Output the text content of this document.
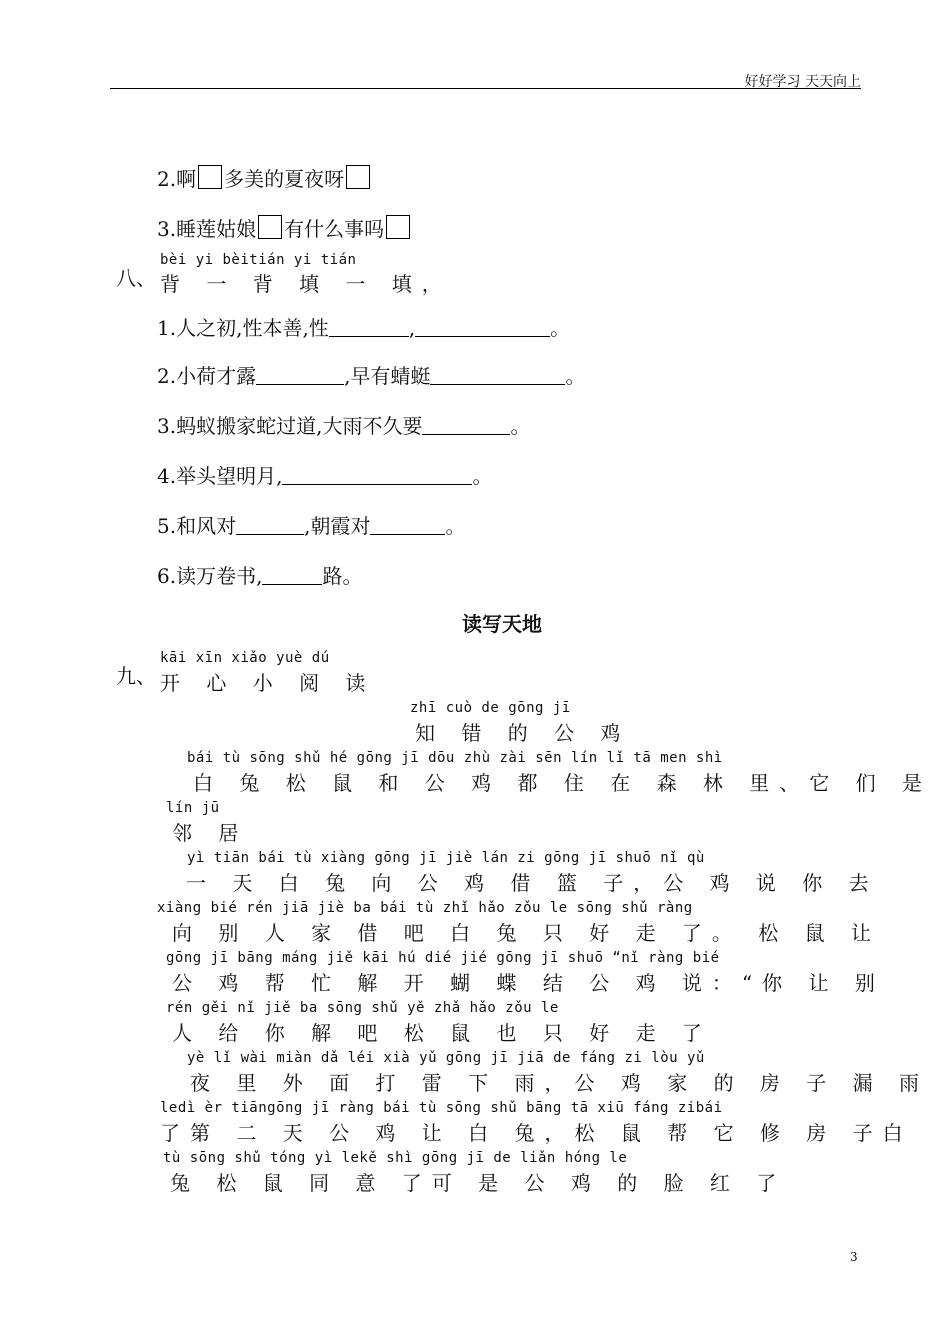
好好学习 天天向上
2.啊 多美的夏夜呀
3.睡莲姑娘 有什么事吗
八、
bèi yi bèitián yi tián
背 一 背 填 一 填，
1.人之初,性本善,性	,	。
2.小荷才露	,早有蜻蜓	。
3.蚂蚁搬家蛇过道,大雨不久要	。
4.举头望明月,	。
5.和风对	,朝霞对	。
6.读万卷书,	路。
读写天地
九、
kāi xīn xiǎo yuè dú
开 心 小 阅 读
zhī cuò de gōng jī
知 错 的 公 鸡
bái tù sōng shǔ hé gōng jī dōu zhù zài sēn lín lǐ tā men shì
白 兔 松 鼠 和 公 鸡 都 住 在 森 林 里、它 们 是
lín jū
邻 居
yì tiān bái tù xiàng gōng jī jiè lán zi gōng jī shuō nǐ qù
一 天 白 兔 向 公 鸡 借 篮 子，公 鸡 说 你 去
xiàng bié rén jiā jiè ba bái tù zhǐ hǎo zǒu le sōng shǔ ràng
向 别 人 家 借 吧 白 兔 只 好 走 了。 松 鼠 让
gōng jī bāng máng jiě kāi hú dié jié gōng jī shuō “nǐ ràng bié
公 鸡 帮 忙 解 开 蝴 蝶 结 公 鸡 说：“你 让 别
rén gěi nǐ jiě ba sōng shǔ yě zhǎ hǎo zǒu le
人 给 你 解 吧 松 鼠 也 只 好 走 了
yè lǐ wài miàn dǎ léi xià yǔ gōng jī jiā de fáng zi lòu yǔ
夜 里 外 面 打 雷 下 雨，公 鸡 家 的 房 子 漏 雨
ledì èr tiāngōng jī ràng bái tù sōng shǔ bāng tā xiū fáng zibái
了第 二 天 公 鸡 让 白 兔，松 鼠 帮 它 修 房 子白
tù sōng shǔ tóng yì lekě shì gōng jī de liǎn hóng le
兔 松 鼠 同 意 了可 是 公 鸡 的 脸 红 了
3
